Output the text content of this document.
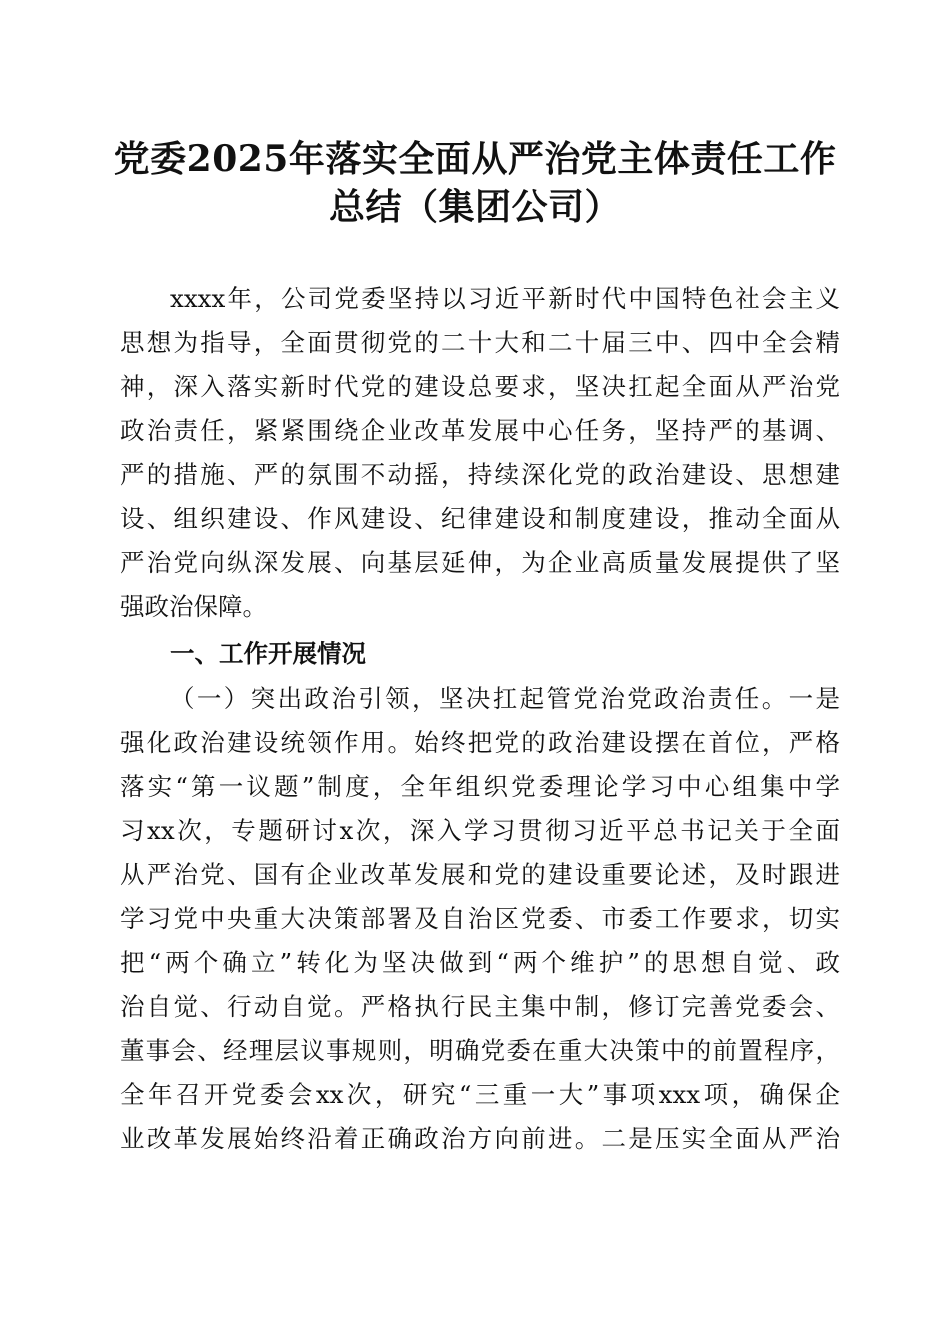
党委2025年落实全面从严治党主体责任工作
总结（集团公司）

xxxx年，公司党委坚持以习近平新时代中国特色社会主义

思想为指导，全面贯彻党的二十大和二十届三中、四中全会精

神，深入落实新时代党的建设总要求，坚决扛起全面从严治党

政治责任，紧紧围绕企业改革发展中心任务，坚持严的基调、

严的措施、严的氛围不动摇，持续深化党的政治建设、思想建

设、组织建设、作风建设、纪律建设和制度建设，推动全面从

严治党向纵深发展、向基层延伸，为企业高质量发展提供了坚

强政治保障。

一、工作开展情况

（一）突出政治引领，坚决扛起管党治党政治责任。一是

强化政治建设统领作用。始终把党的政治建设摆在首位，严格

落实“第一议题”制度，全年组织党委理论学习中心组集中学

习xx次，专题研讨x次，深入学习贯彻习近平总书记关于全面

从严治党、国有企业改革发展和党的建设重要论述，及时跟进

学习党中央重大决策部署及自治区党委、市委工作要求，切实

把“两个确立”转化为坚决做到“两个维护”的思想自觉、政

治自觉、行动自觉。严格执行民主集中制，修订完善党委会、

董事会、经理层议事规则，明确党委在重大决策中的前置程序，

全年召开党委会xx次，研究“三重一大”事项xxx项，确保企

业改革发展始终沿着正确政治方向前进。二是压实全面从严治
